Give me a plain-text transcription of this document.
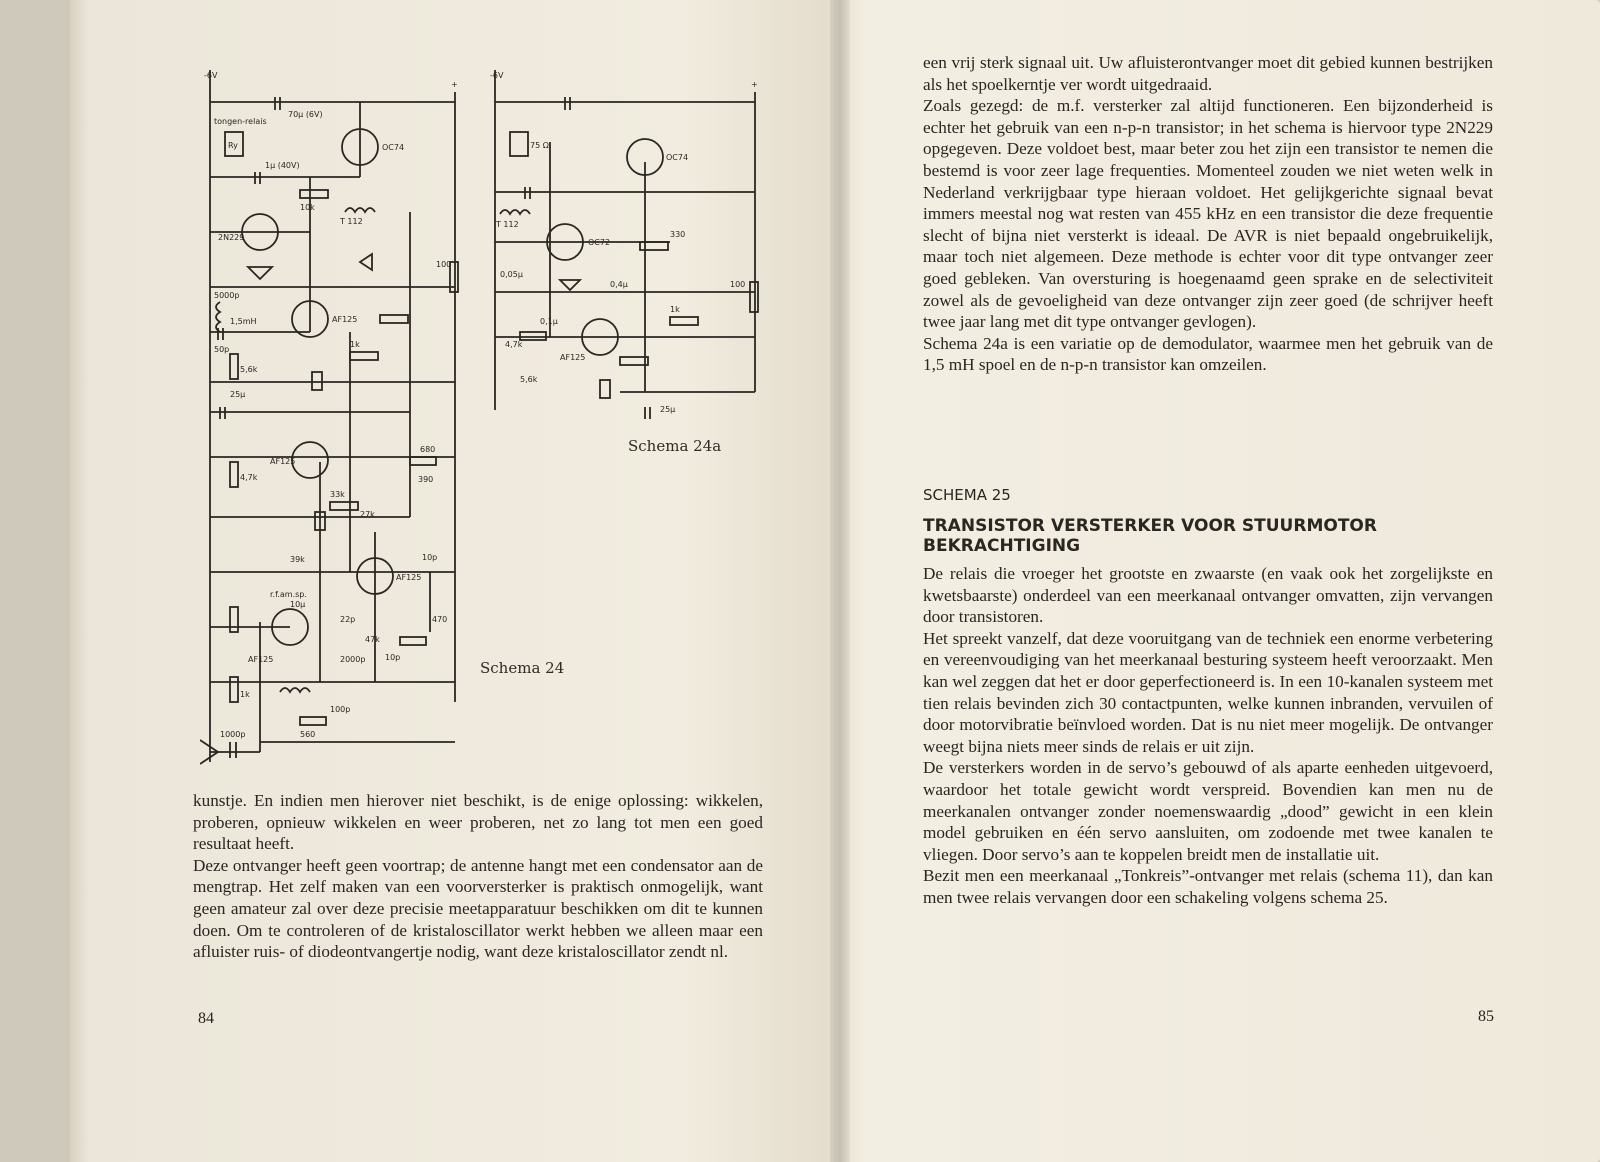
-6V	-6V
+	+
tongen-relais
Ry	75 Ω
70μ (6V)
1μ (40V)
OC74
OC74
2N229
OC72
AF125
AF125
AF125
AF125
AF125
T 112	T 112
10k
100
100
330
5000p
1,5mH
50p
5,6k
1k
25μ
4,7k
680
390
33k
27k
39k	10p
22p
2000p
470
r.f.am.sp.
10μ
47k
10p
1k
100p
560
1000p
0,05μ
0,1μ
0,4μ
4,7k
5,6k
1k
25μ
Schema 24a
Schema 24

kunstje. En indien men hierover niet beschikt, is de enige oplossing: wikkelen, proberen, opnieuw wikkelen en weer proberen, net zo lang tot men een goed resultaat heeft.

Deze ontvanger heeft geen voortrap; de antenne hangt met een condensator aan de mengtrap. Het zelf maken van een voorversterker is praktisch onmogelijk, want geen amateur zal over deze precisie meetapparatuur beschikken om dit te kunnen doen. Om te controleren of de kristaloscillator werkt hebben we alleen maar een afluister ruis- of diodeontvangertje nodig, want deze kristaloscillator zendt nl.

84

een vrij sterk signaal uit. Uw afluisterontvanger moet dit gebied kunnen bestrijken als het spoelkerntje ver wordt uitgedraaid.

Zoals gezegd: de m.f. versterker zal altijd functioneren. Een bijzonderheid is echter het gebruik van een n-p-n transistor; in het schema is hiervoor type 2N229 opgegeven. Deze voldoet best, maar beter zou het zijn een transistor te nemen die bestemd is voor zeer lage frequenties. Momenteel zouden we niet weten welk in Nederland verkrijgbaar type hieraan voldoet. Het gelijkgerichte signaal bevat immers meestal nog wat resten van 455 kHz en een transistor die deze frequentie slecht of bijna niet versterkt is ideaal. De AVR is niet bepaald ongebruikelijk, maar toch niet algemeen. Deze methode is echter voor dit type ontvanger zeer goed gebleken. Van oversturing is hoegenaamd geen sprake en de selectiviteit zowel als de gevoeligheid van deze ontvanger zijn zeer goed (de schrijver heeft twee jaar lang met dit type ontvanger gevlogen).

Schema 24a is een variatie op de demodulator, waarmee men het gebruik van de 1,5 mH spoel en de n-p-n transistor kan omzeilen.

SCHEMA 25
TRANSISTOR VERSTERKER VOOR STUURMOTOR BEKRACHTIGING

De relais die vroeger het grootste en zwaarste (en vaak ook het zorgelijkste en kwetsbaarste) onderdeel van een meerkanaal ontvanger omvatten, zijn vervangen door transistoren.

Het spreekt vanzelf, dat deze vooruitgang van de techniek een enorme verbetering en vereenvoudiging van het meerkanaal besturing systeem heeft veroorzaakt. Men kan wel zeggen dat het er door geperfectioneerd is. In een 10-kanalen systeem met tien relais bevinden zich 30 contactpunten, welke kunnen inbranden, vervuilen of door motorvibratie beïnvloed worden. Dat is nu niet meer mogelijk. De ontvanger weegt bijna niets meer sinds de relais er uit zijn.

De versterkers worden in de servo’s gebouwd of als aparte eenheden uitgevoerd, waardoor het totale gewicht wordt verspreid. Bovendien kan men nu de meerkanalen ontvanger zonder noemenswaardig „dood” gewicht in een klein model gebruiken en één servo aansluiten, om zodoende met twee kanalen te vliegen. Door servo’s aan te koppelen breidt men de installatie uit.

Bezit men een meerkanaal „Tonkreis”-ontvanger met relais (schema 11), dan kan men twee relais vervangen door een schakeling volgens schema 25.

85
